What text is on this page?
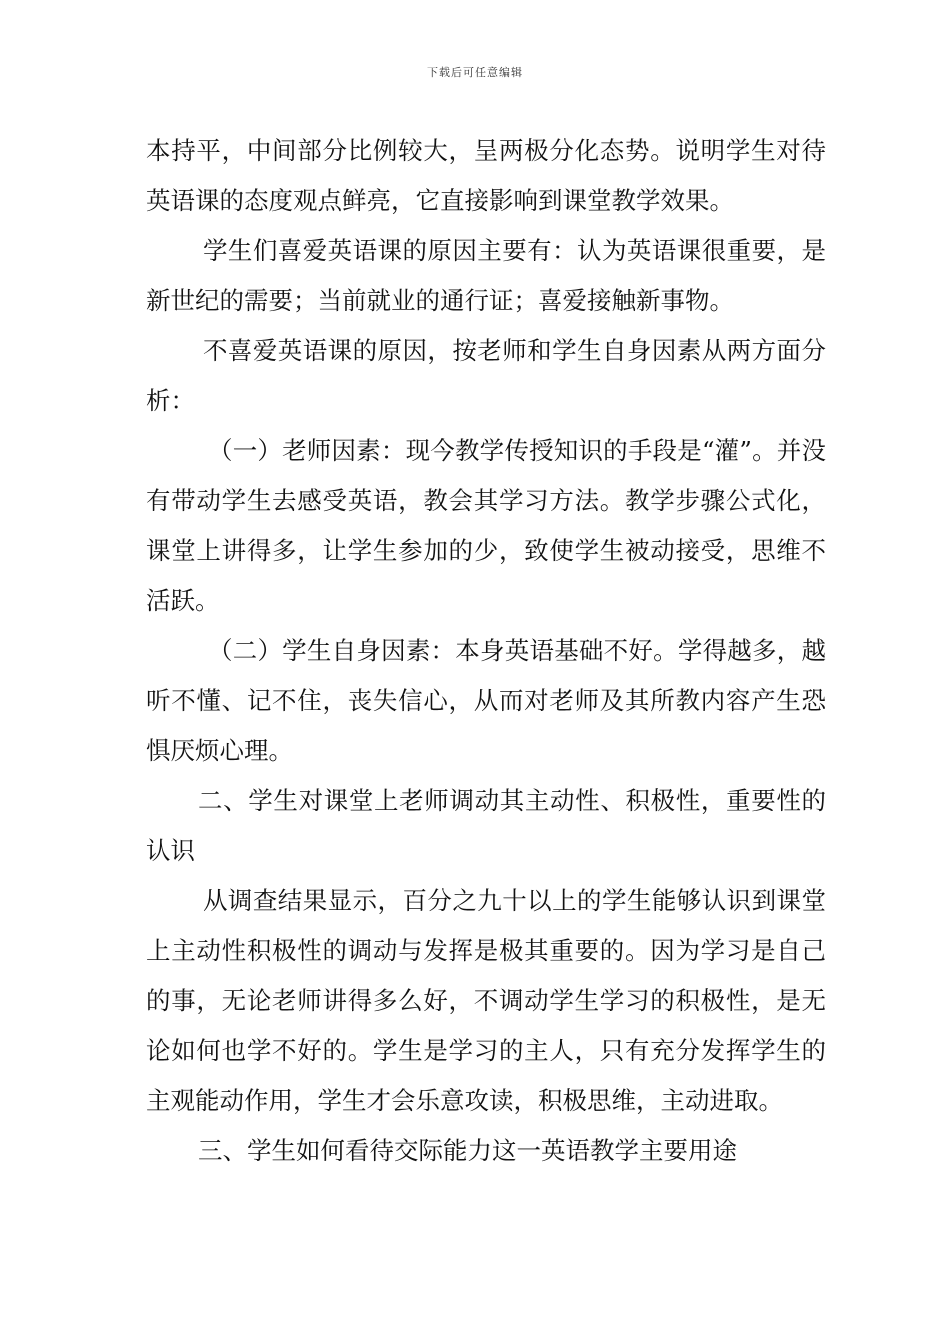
下载后可任意编辑

本持平，中间部分比例较大，呈两极分化态势。说明学生对待英语课的态度观点鲜亮，它直接影响到课堂教学效果。

学生们喜爱英语课的原因主要有：认为英语课很重要，是新世纪的需要；当前就业的通行证；喜爱接触新事物。

不喜爱英语课的原因，按老师和学生自身因素从两方面分析：

（一）老师因素：现今教学传授知识的手段是“灌”。并没有带动学生去感受英语，教会其学习方法。教学步骤公式化，课堂上讲得多，让学生参加的少，致使学生被动接受，思维不活跃。

（二）学生自身因素：本身英语基础不好。学得越多，越听不懂、记不住，丧失信心，从而对老师及其所教内容产生恐惧厌烦心理。

二、学生对课堂上老师调动其主动性、积极性，重要性的认识

从调查结果显示，百分之九十以上的学生能够认识到课堂上主动性积极性的调动与发挥是极其重要的。因为学习是自己的事，无论老师讲得多么好，不调动学生学习的积极性，是无论如何也学不好的。学生是学习的主人，只有充分发挥学生的主观能动作用，学生才会乐意攻读，积极思维，主动进取。

三、学生如何看待交际能力这一英语教学主要用途
